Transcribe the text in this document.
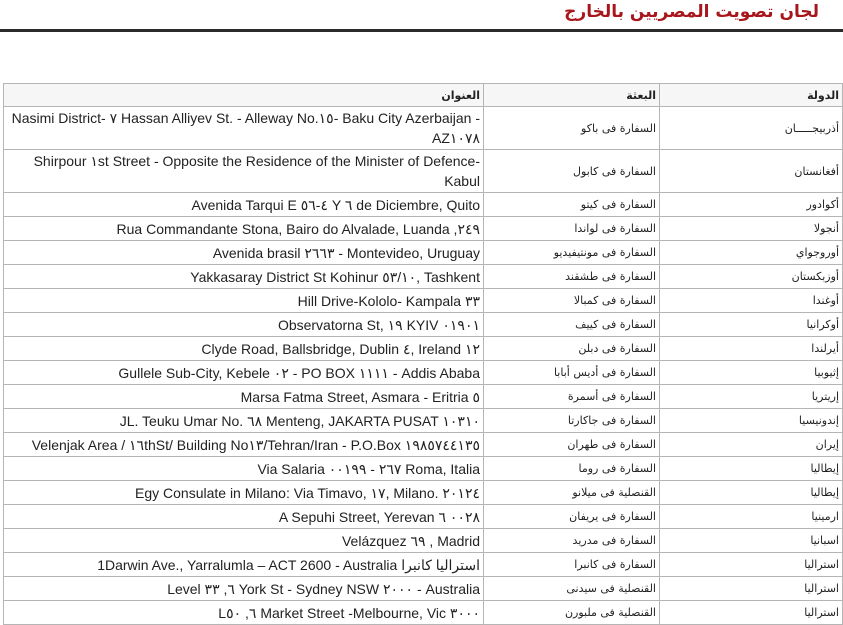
لجان تصويت المصريين بالخارج
الدولة	البعثة	العنوان
أذربيجـــــان	السفارة فى باكو	Nasimi District- ٧ Hassan Alliyev St. - Alleway No.١٥- Baku City Azerbaijan - AZ١٠٧٨
أفغانستان	السفارة فى كابول	Shirpour ١st Street - Opposite the Residence of the Minister of Defence-Kabul
أكوادور	السفارة فى كيتو	Avenida Tarqui E ٤-٥٦ Y ٦ de Diciembre, Quito
أنجولا	السفارة فى لواندا	Rua Commandante Stona, Bairo do Alvalade, Luanda ,٢٤٩
أوروجواي	السفارة فى مونتيفيديو	Avenida brasil ٢٦٦٣ - Montevideo, Uruguay
أوزبكستان	السفارة فى طشقند	Yakkasaray District St Kohinur ٥٣/١٠, Tashkent
أوغندا	السفارة فى كمبالا	Hill Drive-Kololo- Kampala ٣٣
أوكرانيا	السفارة فى كييف	Observatorna St, ١٩ KYIV ٠١٩٠١
أيرلندا	السفارة فى دبلن	Clyde Road, Ballsbridge, Dublin ٤, Ireland ١٢
إثيوبيا	السفارة فى أديس أبابا	Gullele Sub-City, Kebele ٠٢ - PO BOX ١١١١ - Addis Ababa
إريتريا	السفارة فى أسمرة	Marsa Fatma Street, Asmara - Eritria ٥
إندونيسيا	السفارة فى جاكارتا	JL. Teuku Umar No. ٦٨ Menteng, JAKARTA PUSAT ١٠٣١٠
إيران	السفارة فى طهران	Velenjak Area / ١٦thSt/ Building No١٣/Tehran/Iran - P.O.Box ١٩٨٥٧٤٤١٣٥
إيطاليا	السفارة فى روما	Via Salaria ٢٦٧ - ٠٠١٩٩ Roma, Italia
إيطاليا	القنصلية فى ميلانو	Egy Consulate in Milano: Via Timavo, ١٧, Milano. ٢٠١٢٤
ارمينيا	السفارة فى يريفان	A Sepuhi Street, Yerevan ٠٠٢٨ ٦
اسبانيا	السفارة فى مدريد	Velázquez ٦٩ , Madrid
استراليا	السفارة فى كانبرا	1Darwin Ave., Yarralumla – ACT 2600 - Australia استراليا كانبرا
استراليا	القنصلية فى سيدنى	Level ٦, ٣٣ York St - Sydney NSW ٢٠٠٠ - Australia
استراليا	القنصلية فى ملبورن	L٦, ٥٠ Market Street -Melbourne, Vic ٣٠٠٠
